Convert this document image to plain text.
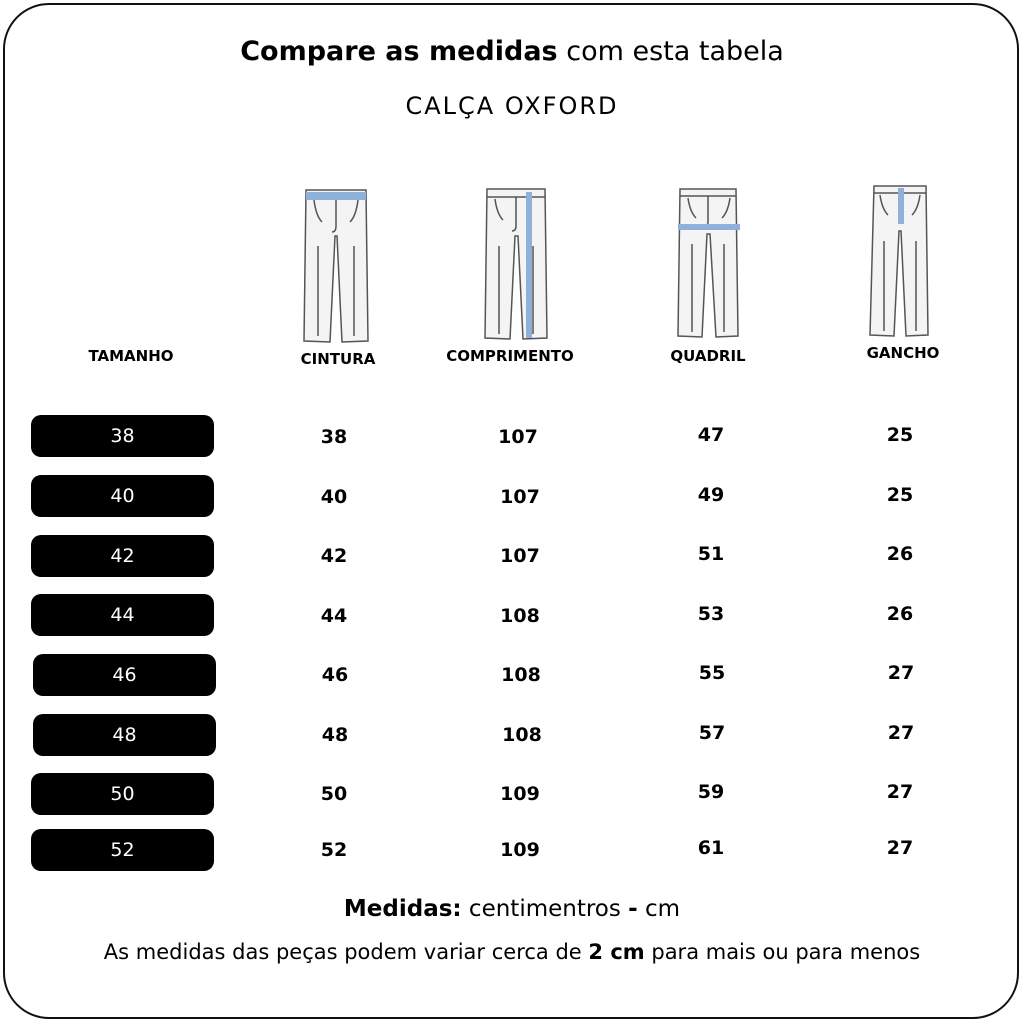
Compare as medidas com esta tabela
CALÇA OXFORD
TAMANHO	CINTURA	COMPRIMENTO	QUADRIL	GANCHO
38	38	107	47	25
40	40	107	49	25
42	42	107	51	26
44	44	108	53	26
46	46	108	55	27
48	48	108	57	27
50	50	109	59	27
52	52	109	61	27
Medidas: centimentros - cm
As medidas das peças podem variar cerca de 2 cm para mais ou para menos
